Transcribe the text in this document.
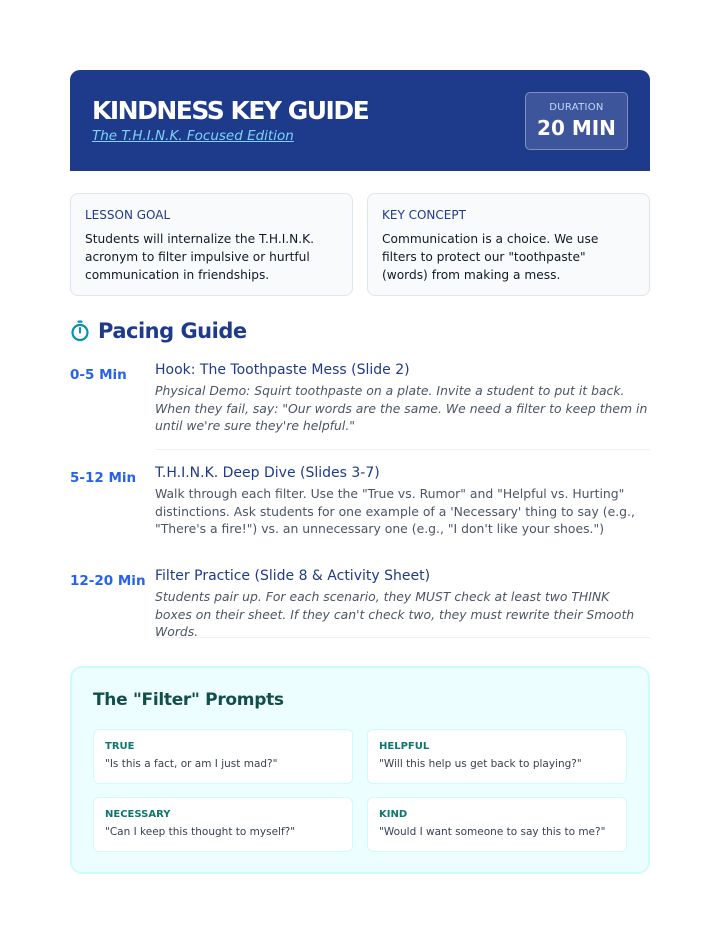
KINDNESS KEY GUIDE
The T.H.I.N.K. Focused Edition
DURATION
20 MIN
LESSON GOAL
Students will internalize the T.H.I.N.K. acronym to filter impulsive or hurtful communication in friendships.
KEY CONCEPT
Communication is a choice. We use filters to protect our "toothpaste" (words) from making a mess.
Pacing Guide
0-5 Min Hook: The Toothpaste Mess (Slide 2)
Physical Demo: Squirt toothpaste on a plate. Invite a student to put it back. When they fail, say: "Our words are the same. We need a filter to keep them in until we're sure they're helpful."
5-12 Min T.H.I.N.K. Deep Dive (Slides 3-7)
Walk through each filter. Use the "True vs. Rumor" and "Helpful vs. Hurting" distinctions. Ask students for one example of a 'Necessary' thing to say (e.g., "There's a fire!") vs. an unnecessary one (e.g., "I don't like your shoes.")
12-20 Min Filter Practice (Slide 8 & Activity Sheet)
Students pair up. For each scenario, they MUST check at least two THINK boxes on their sheet. If they can't check two, they must rewrite their Smooth Words.
The "Filter" Prompts
TRUE
"Is this a fact, or am I just mad?"
HELPFUL
"Will this help us get back to playing?"
NECESSARY
"Can I keep this thought to myself?"
KIND
"Would I want someone to say this to me?"
